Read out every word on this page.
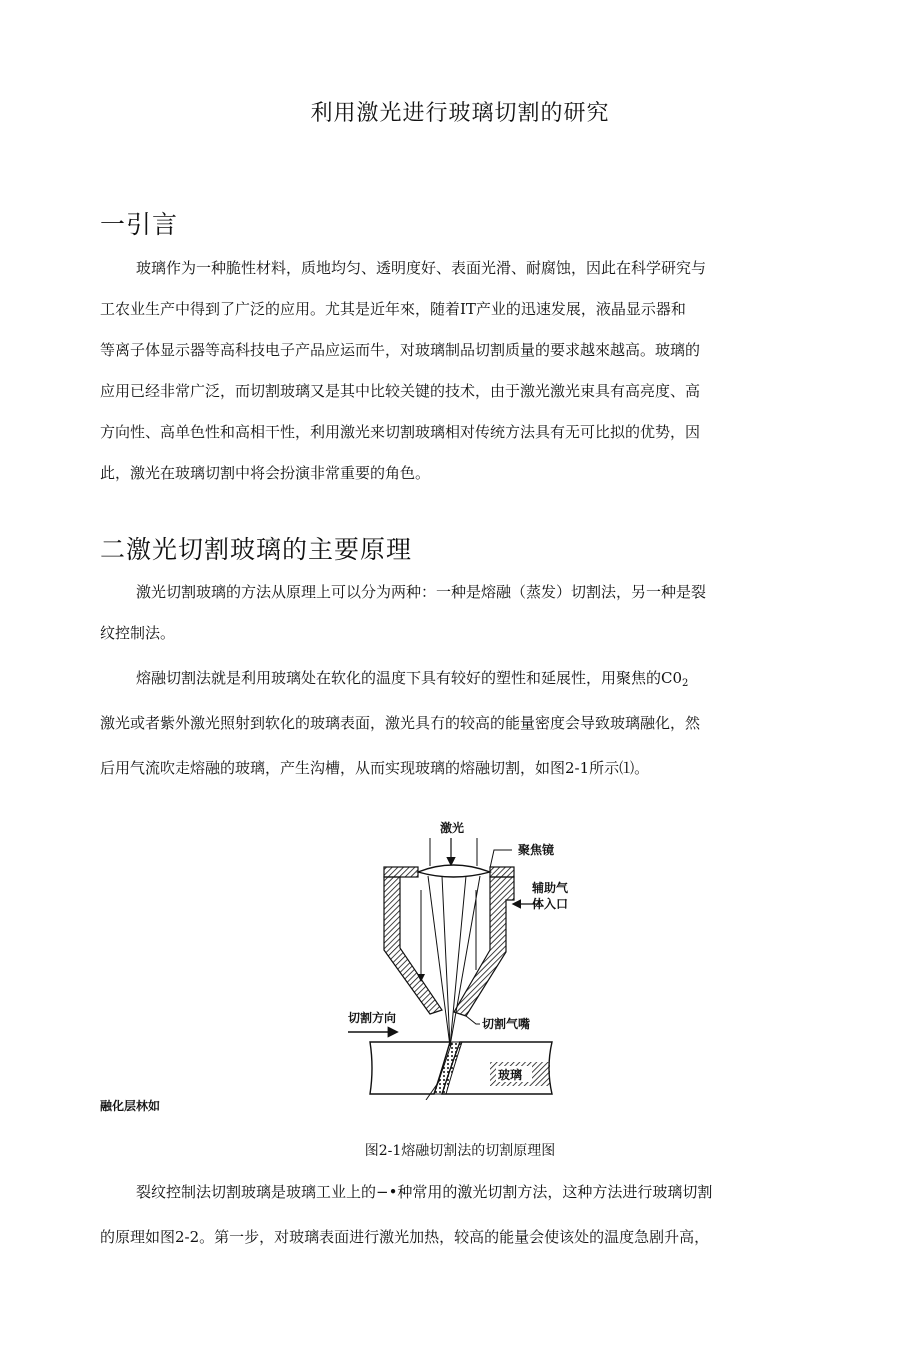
利用激光进行玻璃切割的研究
一引言
玻璃作为一种脆性材料，质地均匀、透明度好、表面光滑、耐腐蚀，因此在科学研究与
工农业生产中得到了广泛的应用。尤其是近年來，随着IT产业的迅速发展，液晶显示器和
等离子体显示器等高科技电子产品应运而牛，对玻璃制品切割质量的要求越來越高。玻璃的
应用已经非常广泛，而切割玻璃又是其中比较关键的技术，由于激光激光束具有高亮度、高
方向性、高单色性和高相干性，利用激光来切割玻璃相对传统方法具有无可比拟的优势，因
此，激光在玻璃切割中将会扮演非常重要的角色。
二激光切割玻璃的主要原理
激光切割玻璃的方法从原理上可以分为两种：一种是熔融（蒸发）切割法，另一种是裂
纹控制法。
熔融切割法就是利用玻璃处在软化的温度下具有较好的塑性和延展性，用聚焦的$C0_2$
激光或者紫外激光照射到软化的玻璃表面，激光具冇的较高的能量密度会导致玻璃融化，然
后用气流吹走熔融的玻璃，产生沟槽，从而实现玻璃的熔融切割，如图2-1所示⑴。
激光
聚焦镜
辅助气
体入口
切割方向	切割气嘴
玻璃
融化层林如
图2-1熔融切割法的切割原理图
裂纹控制法切割玻璃是玻璃工业上的−•种常用的激光切割方法，这种方法进行玻璃切割
的原理如图2-2。第一步，对玻璃表面进行激光加热，较高的能量会使该处的温度急剧升高，
